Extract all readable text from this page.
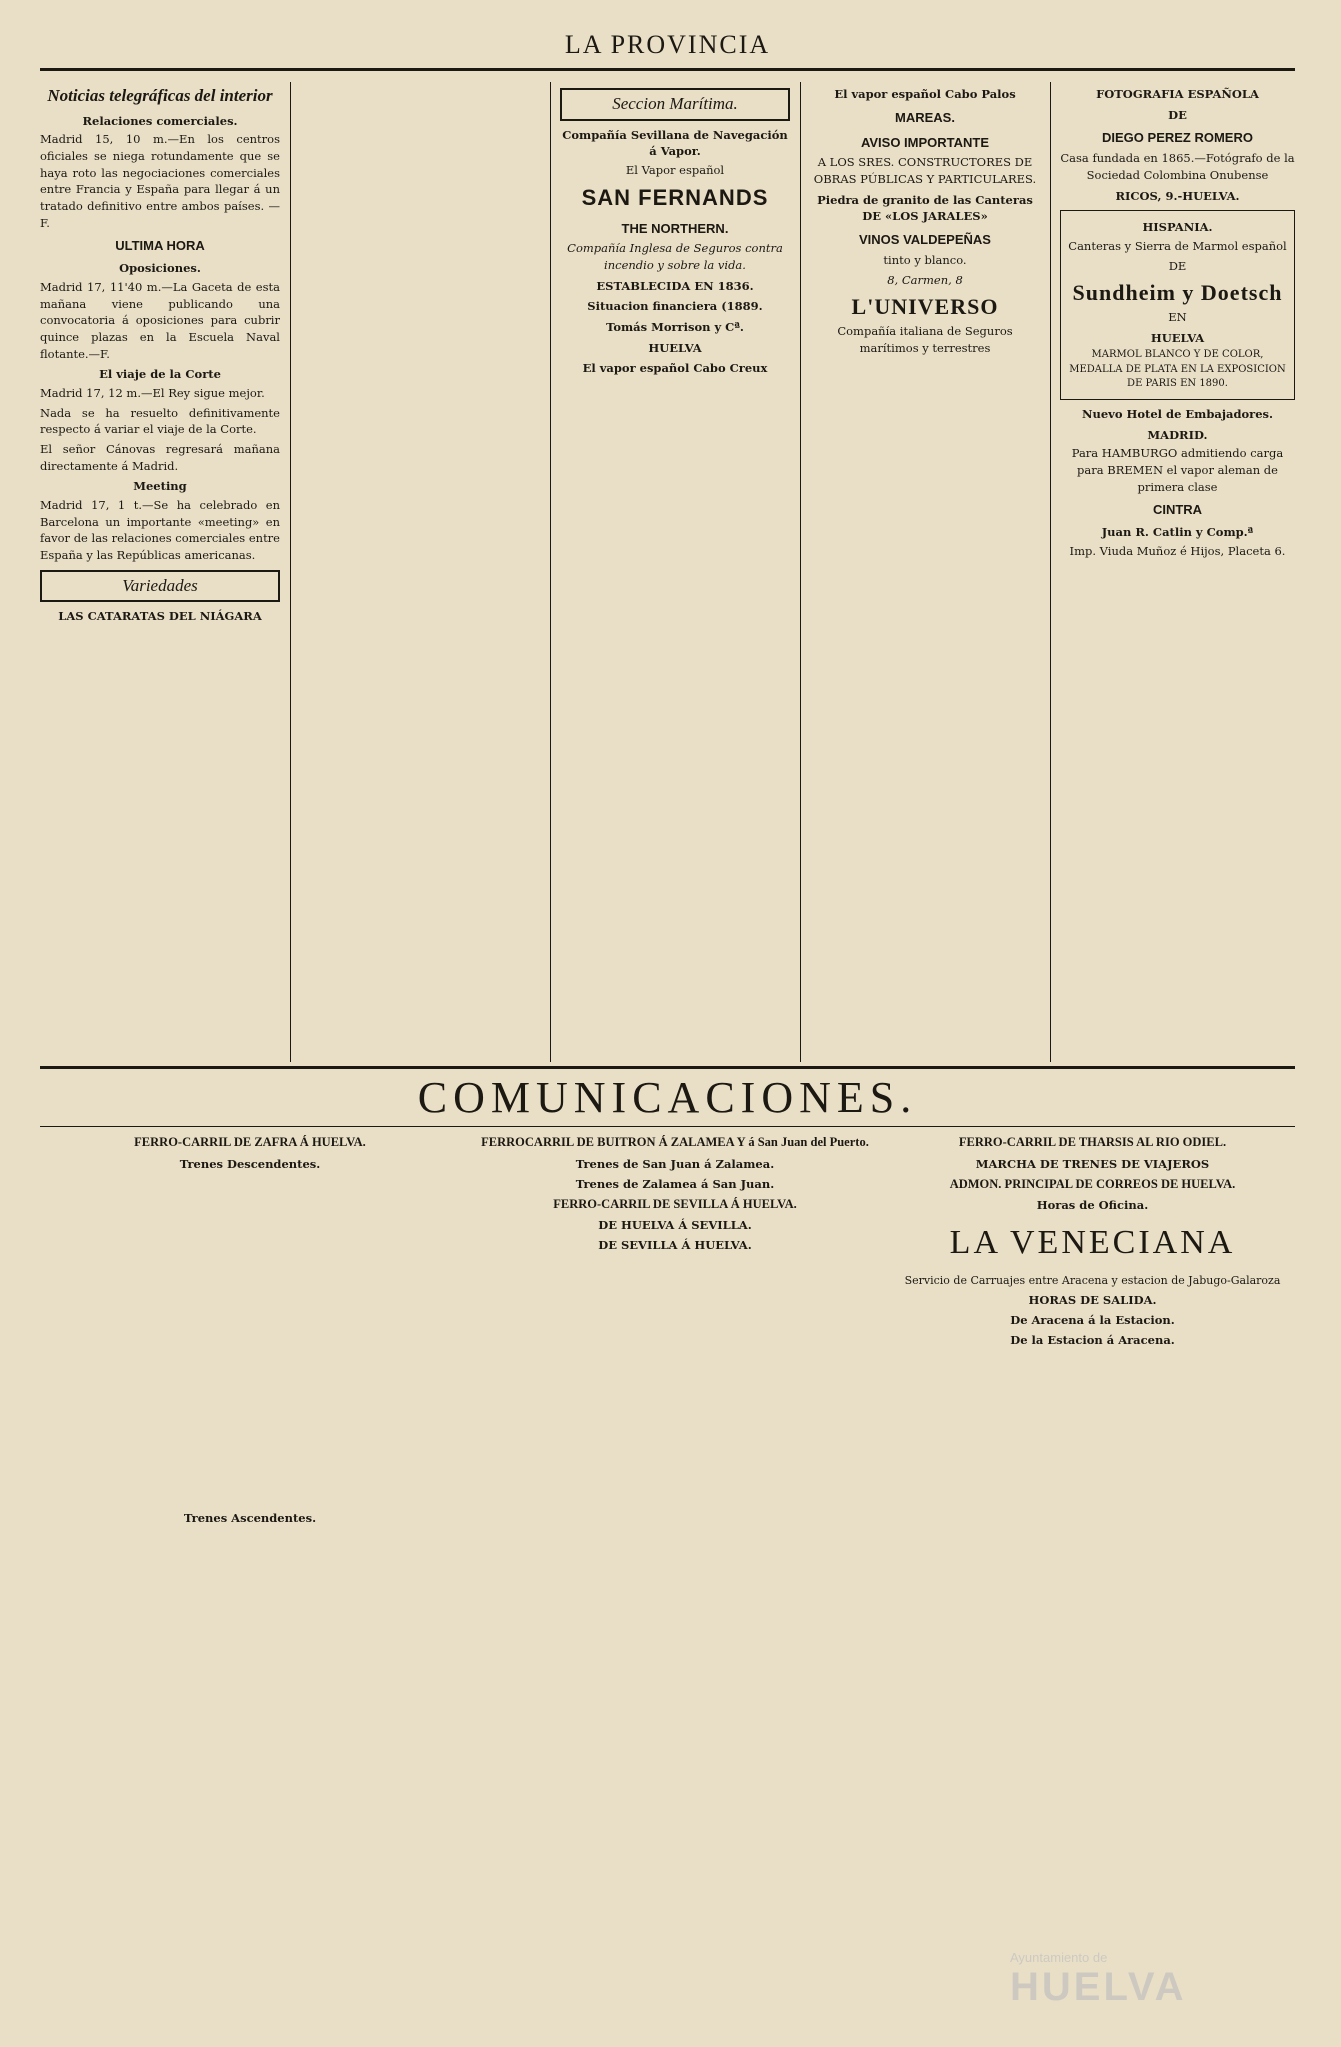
LA PROVINCIA
Noticias telegráficas del interior
Relaciones comerciales.

Madrid 15, 10 m.—En los centros oficiales se niega rotundamente que se haya roto las negociaciones comerciales entre Francia y España para llegar á un tratado definitivo entre ambos países. —F.

ULTIMA HORA
Oposiciones.

Madrid 17, 11'40 m.—La Gaceta de esta mañana viene publicando una convocatoria á oposiciones para cubrir quince plazas en la Escuela Naval flotante.—F.

El viaje de la Corte

Madrid 17, 12 m.—El Rey sigue mejor.

Nada se ha resuelto definitivamente respecto á variar el viaje de la Corte.

El señor Cánovas regresará mañana directamente á Madrid.

Meeting

Madrid 17, 1 t.—Se ha celebrado en Barcelona un importante «meeting» en favor de las relaciones comerciales entre España y las Repúblicas americanas.

Variedades
LAS CATARATAS DEL NIÁGARA
Seccion Marítima.
Compañía Sevillana de Navegación á Vapor.

El Vapor español

SAN FERNANDS
THE NORTHERN.

Compañía Inglesa de Seguros contra incendio y sobre la vida.

ESTABLECIDA EN 1836.
Situacion financiera (1889.
Tomás Morrison y Cª.
HUELVA
El vapor español Cabo Creux
El vapor español Cabo Palos
MAREAS.
AVISO IMPORTANTE

A LOS SRES. CONSTRUCTORES DE OBRAS PÚBLICAS Y PARTICULARES.

Piedra de granito de las Canteras DE «LOS JARALES»
VINOS VALDEPEÑAS

tinto y blanco.

8, Carmen, 8

L'UNIVERSO

Compañía italiana de Seguros marítimos y terrestres

FOTOGRAFIA ESPAÑOLA
DE
DIEGO PEREZ ROMERO

Casa fundada en 1865.—Fotógrafo de la Sociedad Colombina Onubense

RICOS, 9.-HUELVA.
HISPANIA.

Canteras y Sierra de Marmol español

DE

Sundheim y Doetsch

EN

HUELVA

MARMOL BLANCO Y DE COLOR, MEDALLA DE PLATA EN LA EXPOSICION DE PARIS EN 1890.

Nuevo Hotel de Embajadores.
MADRID.

Para HAMBURGO admitiendo carga para BREMEN el vapor aleman de primera clase

CINTRA
Juan R. Catlin y Comp.ª

Imp. Viuda Muñoz é Hijos, Placeta 6.

COMUNICACIONES.
FERRO-CARRIL DE ZAFRA Á HUELVA.
Trenes Descendentes.
Trenes Ascendentes.
FERROCARRIL DE BUITRON Á ZALAMEA Y á San Juan del Puerto.
Trenes de San Juan á Zalamea.
Trenes de Zalamea á San Juan.
FERRO-CARRIL DE SEVILLA Á HUELVA.
DE HUELVA Á SEVILLA.
DE SEVILLA Á HUELVA.
FERRO-CARRIL DE THARSIS AL RIO ODIEL.
MARCHA DE TRENES DE VIAJEROS
ADMON. PRINCIPAL DE CORREOS DE HUELVA.
Horas de Oficina.
LA VENECIANA

Servicio de Carruajes entre Aracena y estacion de Jabugo-Galaroza

HORAS DE SALIDA.
De Aracena á la Estacion.
De la Estacion á Aracena.
Ayuntamiento de
HUELVA
